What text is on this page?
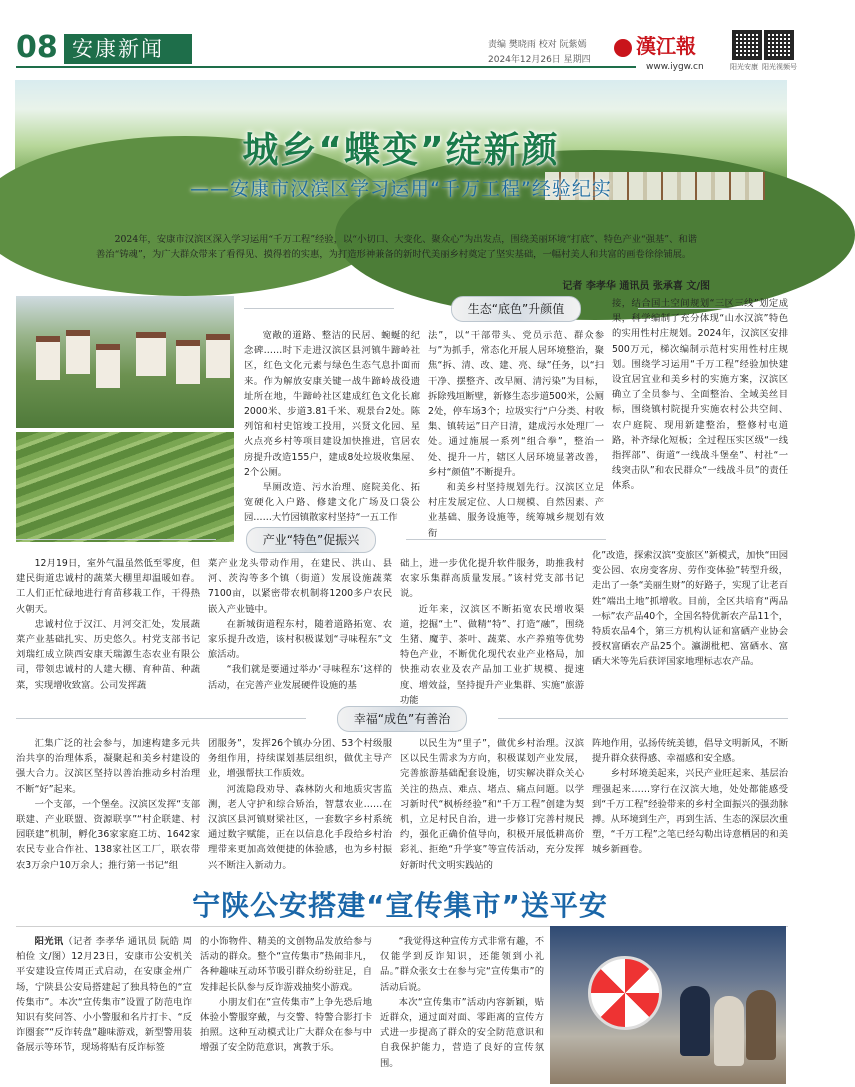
08 安康新闻	责编 樊晓雨 校对 阮紫嫣
2024年12月26日 星期四
漢江報
www.iygw.cn	阳光安康 阳光视频号
城乡“蝶变”绽新颜
——安康市汉滨区学习运用“千万工程”经验纪实
2024年，安康市汉滨区深入学习运用“千万工程”经验，以“小切口、大变化、聚众心”为出发点，围绕美丽环境“打底”、特色产业“强基”、和谐善治“铸魂”，为广大群众带来了看得见、摸得着的实惠，为打造形神兼备的新时代美丽乡村奠定了坚实基础，一幅村美人和共富的画卷徐徐铺展。
记者 李孝华 通讯员 张承喜 文/图
生态“底色”升颜值

宽敞的道路、整洁的民居、蜿蜒的纪念碑……时下走进汉滨区县河镇牛蹄岭社区，红色文化元素与绿色生态气息扑面而来。作为解放安康关键一战牛蹄岭战役遗址所在地，牛蹄岭社区建成红色文化长廊2000米、步道3.81千米、观景台2处。陈列馆和村史馆竣工投用，兴贤文化园、星火点亮乡村等项目建设加快推进，官居农房提升改造155户，建成8处垃圾收集屋、2个公厕。

旱厕改造、污水治理、庭院美化、拓宽硬化入户路、修建文化广场及口袋公园……大竹园镇散家村坚持“一五工作

法”，以“干部带头、党员示范、群众参与”为抓手，常态化开展人居环境整治，聚焦“拆、清、改、建、亮、绿”任务，以“扫干净、摆整齐、改早厕、清污染”为目标，拆除残垣断壁，新修生态步道500米，公厕2处，停车场3个；垃圾实行“户分类、村收集、镇转运”日产日清，建成污水处理厂一处。通过施展一系列“组合拳”，整治一处、提升一片，辖区人居环境显著改善，乡村“颜值”不断提升。

和美乡村坚持规划先行。汉滨区立足村庄发展定位、人口规模、自然因素、产业基础、服务设施等，统筹城乡规划有效衔

接，结合国土空间规划“三区三线”划定成果，科学编制了充分体现“山水汉滨”特色的实用性村庄规划。2024年，汉滨区安排500万元，梯次编制示范村实用性村庄规划。围绕学习运用“千万工程”经验加快建设宜居宜业和美乡村的实施方案，汉滨区确立了全员参与、全面整治、全域美丝目标，围绕镇村院提升实施农村公共空间、农户庭院、现用新建整治，整修村屯道路，补齐绿化短板；全过程压实区级“一线指挥部”、街道“一线战斗堡垒”、村社“一线突击队”和农民群众“一线战斗员”的责任体系。

产业“特色”促振兴

12月19日，室外气温虽然低至零度，但建民街道忠诚村的蔬菜大棚里却温暖如春。工人们正忙碌地进行育苗移栽工作，干得热火朝天。

忠诚村位于汉江、月河交汇处，发展蔬菜产业基础扎实、历史悠久。村党支部书记刘瑞红成立陕西安康天瑞源生态农业有限公司，带领忠诚村的人建大棚、育种苗、种蔬菜，实现增收致富。公司发挥蔬

菜产业龙头带动作用，在建民、洪山、县河、茨沟等多个镇（街道）发展设施蔬菜7100亩，以紧密带农机制将1200多户农民嵌入产业链中。

在新城街道程东村，随着道路拓宽、农家乐提升改造，该村积极谋划“寻味程东”文旅活动。

“我们就是要通过举办‘寻味程东’这样的活动，在完善产业发展硬件设施的基

础上，进一步优化提升软件服务，助推我村农家乐集群高质量发展。”该村党支部书记说。

近年来，汉滨区不断拓宽农民增收渠道，挖掘“土”、做精“特”、打造“融”，围绕生猪、魔芋、茶叶、蔬菜、水产养殖等优势特色产业，不断优化现代农业产业格局，加快推动农业及农产品加工业扩规模、提速度、增效益，坚持提升产业集群、实施“旅游功能

化”改造，探索汉滨“变旅区”新模式，加快“田园变公园、农房变客房、劳作变体验”转型升级，走出了一条“美丽生财”的好路子，实现了让老百姓“端出土地”抓增收。目前，全区共培育“两品一标”农产品40个，全国名特优新农产品11个，特质农品4个，第三方机构认证和富硒产业协会授权富硒农产品25个。瀛湖枇杷、富硒水、富硒大米等先后获评国家地理标志农产品。

幸福“成色”有善治

汇集广泛的社会参与，加速构建多元共治共享的治理体系，凝聚起和美乡村建设的强大合力。汉滨区坚持以善治推动乡村治理不断“好”起来。

一个支部，一个堡垒。汉滨区发挥“支部联建、产业联盟、资源联享”“村企联建、村园联建”机制，孵化36家家庭工坊、1642家农民专业合作社、138家社区工厂，联农带农3万余户10万余人；推行第一书记“组

团服务”，发挥26个镇办分团、53个村级服务组作用，持续谋划基层组织，做优主导产业，增强帮扶工作质效。

河流隐段劝导、森林防火和地质灾害监测，老人守护和综合矫治，智慧农业……在汉滨区县河镇财梁社区，一套数字乡村系统通过数字赋能，正在以信息化手段给乡村治理带来更加高效便捷的体验感，也为乡村振兴不断注入新动力。

以民生为“里子”，做优乡村治理。汉滨区以民生需求为方向，积极谋划产业发展，完善旅游基础配套设施，切实解决群众关心关注的热点、难点、堵点、痛点问题。以学习新时代“枫桥经验”和“千万工程”创建为契机，立足村民自治，进一步修订完善村规民约，强化正确价值导向，积极开展低耕高价彩礼、拒绝“升学宴”等宣传活动，充分发挥好新时代文明实践站的

阵地作用，弘扬传统美德，倡导文明新风，不断提升群众获得感、幸福感和安全感。

乡村环境美起来，兴民产业旺起来、基层治理强起来……穿行在汉滨大地，处处都能感受到“千万工程”经验带来的乡村全面振兴的强劲脉搏。从环境到生产，再到生活、生态的深层次重塑，“千万工程”之笔已经勾勒出诗意栖居的和美城乡新画卷。

宁陕公安搭建“宣传集市”送平安

阳光讯（记者 李孝华 通讯员 阮皓 周柏俭 文/图）12月23日，安康市公安机关平安建设宣传周正式启动，在安康金州广场，宁陕县公安局搭建起了独具特色的“宣传集市”。本次“宣传集市”设置了防范电诈知识有奖问答、小小警服和名片打卡、“反诈圈套”“反诈转盘”趣味游戏，新型警用装备展示等环节，现场将贴有反诈标签

的小饰物件、精美的文创物品发放给参与活动的群众。整个“宣传集市”热闹非凡，各种趣味互动环节吸引群众纷纷驻足，自发排起长队参与反诈游戏抽奖小游戏。

小朋友们在“宣传集市”上争先恐后地体验小警服穿戴，与交警、特警合影打卡拍照。这种互动模式让广大群众在参与中增强了安全防范意识，寓教于乐。

“我觉得这种宣传方式非常有趣，不仅能学到反诈知识，还能领到小礼品。”群众张女士在参与完“宣传集市”的活动后说。

本次“宣传集市”活动内容新颖，贴近群众，通过面对面、零距离的宣传方式进一步提高了群众的安全防范意识和自我保护能力，营造了良好的宣传氛围。
